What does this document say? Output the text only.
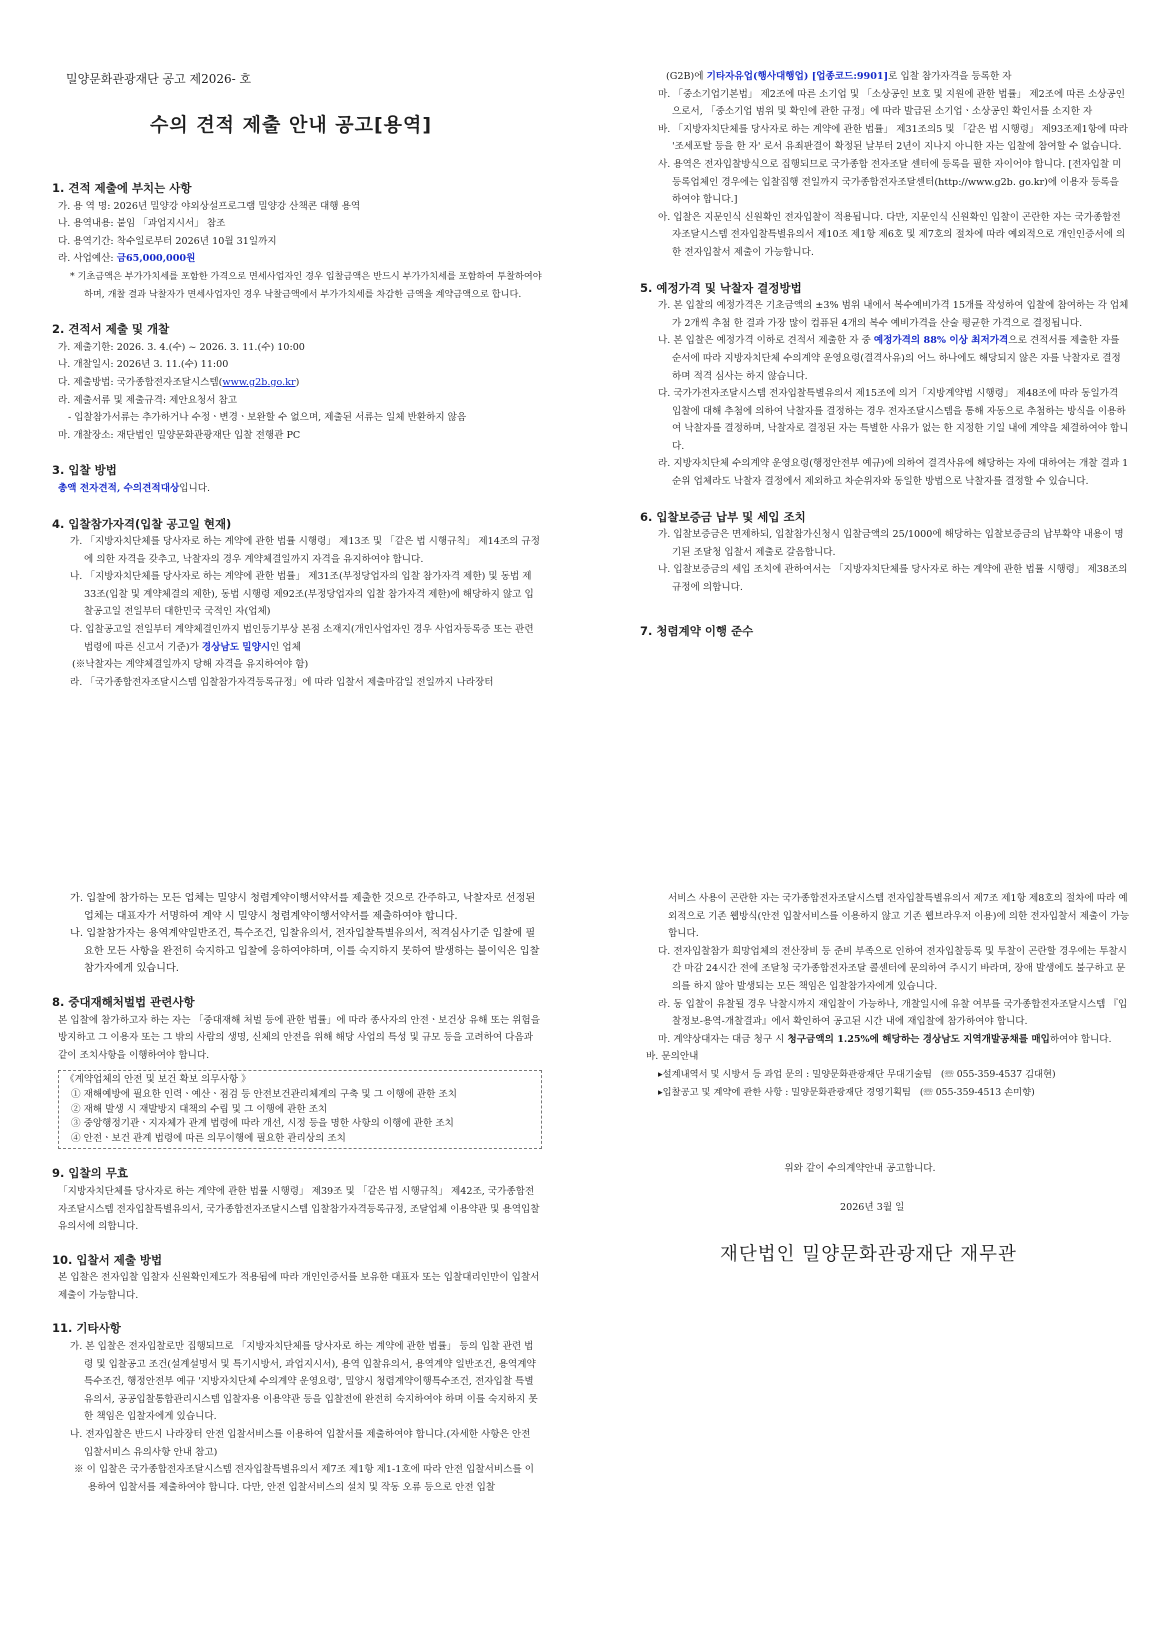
밀양문화관광재단 공고 제2026- 호
수의 견적 제출 안내 공고[용역]

1. 견적 제출에 부치는 사항

가. 용 역 명: 2026년 밀양강 야외상설프로그램 밀양강 산책콘 대행 용역

나. 용역내용: 붙임 「과업지시서」 참조

다. 용역기간: 착수일로부터 2026년 10월 31일까지

라. 사업예산: 금65,000,000원

* 기초금액은 부가가치세를 포함한 가격으로 면세사업자인 경우 입찰금액은 반드시 부가가치세를 포함하여 투찰하여야 하며, 개찰 결과 낙찰자가 면세사업자인 경우 낙찰금액에서 부가가치세를 차감한 금액을 계약금액으로 합니다.

2. 견적서 제출 및 개찰

가. 제출기한: 2026. 3. 4.(수) ~ 2026. 3. 11.(수) 10:00

나. 개찰일시: 2026년 3. 11.(수) 11:00

다. 제출방법: 국가종합전자조달시스템(www.g2b.go.kr)

라. 제출서류 및 제출규격: 제안요청서 참고

- 입찰참가서류는 추가하거나 수정ㆍ변경ㆍ보완할 수 없으며, 제출된 서류는 일체 반환하지 않음

마. 개찰장소: 재단법인 밀양문화관광재단 입찰 전행관 PC

3. 입찰 방법

총액 전자견적, 수의견적대상입니다.

4. 입찰참가자격(입찰 공고일 현재)

가. 「지방자치단체를 당사자로 하는 계약에 관한 법률 시행령」 제13조 및 「같은 법 시행규칙」 제14조의 규정에 의한 자격을 갖추고, 낙찰자의 경우 계약체결일까지 자격을 유지하여야 합니다.

나. 「지방자치단체를 당사자로 하는 계약에 관한 법률」 제31조(부정당업자의 입찰 참가자격 제한) 및 동법 제33조(입찰 및 계약체결의 제한), 동법 시행령 제92조(부정당업자의 입찰 참가자격 제한)에 해당하지 않고 입찰공고일 전일부터 대한민국 국적인 자(업체)

다. 입찰공고일 전일부터 계약체결인까지 법인등기부상 본점 소재지(개인사업자인 경우 사업자등록증 또는 관련 법령에 따른 신고서 기준)가 경상남도 밀양시인 업체

(※낙찰자는 계약체결일까지 당해 자격을 유지하여야 함)

라. 「국가종합전자조달시스템 입찰참가자격등록규정」에 따라 입찰서 제출마감일 전일까지 나라장터

(G2B)에 기타자유업(행사대행업) [업종코드:9901]로 입찰 참가자격을 등록한 자

마. 「중소기업기본법」 제2조에 따른 소기업 및 「소상공인 보호 및 지원에 관한 법률」 제2조에 따른 소상공인으로서, 「중소기업 범위 및 확인에 관한 규정」에 따라 발급된 소기업ㆍ소상공인 확인서를 소지한 자

바. 「지방자치단체를 당사자로 하는 계약에 관한 법률」 제31조의5 및 「같은 법 시행령」 제93조제1항에 따라 '조세포탈 등을 한 자' 로서 유죄판결이 확정된 날부터 2년이 지나지 아니한 자는 입찰에 참여할 수 없습니다.

사. 용역은 전자입찰방식으로 집행되므로 국가종합 전자조달 센터에 등록을 필한 자이어야 합니다. [전자입찰 미등록업체인 경우에는 입찰집행 전일까지 국가종합전자조달센터(http://www.g2b. go.kr)에 이용자 등록을 하여야 합니다.]

아. 입찰은 지문인식 신원확인 전자입찰이 적용됩니다. 다만, 지문인식 신원확인 입찰이 곤란한 자는 국가종합전자조달시스템 전자입찰특별유의서 제10조 제1항 제6호 및 제7호의 절차에 따라 예외적으로 개인인증서에 의한 전자입찰서 제출이 가능합니다.

5. 예정가격 및 낙찰자 결정방법

가. 본 입찰의 예정가격은 기초금액의 ±3% 범위 내에서 복수예비가격 15개를 작성하여 입찰에 참여하는 각 업체가 2개씩 추첨 한 결과 가장 많이 컴퓨된 4개의 복수 예비가격을 산술 평균한 가격으로 결정됩니다.

나. 본 입찰은 예정가격 이하로 견적서 제출한 자 중 예정가격의 88% 이상 최저가격으로 견적서를 제출한 자를 순서에 따라 지방자치단체 수의계약 운영요령(결격사유)의 어느 하나에도 해당되지 않은 자를 낙찰자로 결정하며 적격 심사는 하지 않습니다.

다. 국가가전자조달시스템 전자입찰특별유의서 제15조에 의거「지방계약법 시행령」 제48조에 따라 동일가격 입찰에 대해 추첨에 의하여 낙찰자를 결정하는 경우 전자조달시스템을 통해 자동으로 추첨하는 방식을 이용하여 낙찰자를 결정하며, 낙찰자로 결정된 자는 특별한 사유가 없는 한 지정한 기일 내에 계약을 체결하여야 합니다.

라. 지방자치단체 수의계약 운영요령(행정안전부 예규)에 의하여 결격사유에 해당하는 자에 대하여는 개찰 결과 1순위 업체라도 낙찰자 결정에서 제외하고 차순위자와 동일한 방법으로 낙찰자를 결정할 수 있습니다.

6. 입찰보증금 납부 및 세입 조치

가. 입찰보증금은 면제하되, 입찰참가신청시 입찰금액의 25/1000에 해당하는 입찰보증금의 납부확약 내용이 명기된 조달청 입찰서 제출로 갈음합니다.

나. 입찰보증금의 세입 조치에 관하여서는 「지방자치단체를 당사자로 하는 계약에 관한 법률 시행령」 제38조의 규정에 의합니다.

7. 청렴계약 이행 준수

가. 입찰에 참가하는 모든 업체는 밀양시 청렴계약이행서약서를 제출한 것으로 간주하고, 낙찰자로 선정된 업체는 대표자가 서명하여 계약 시 밀양시 청렴계약이행서약서를 제출하여야 합니다.

나. 입찰참가자는 용역계약일반조건, 특수조건, 입찰유의서, 전자입찰특별유의서, 적격심사기준 입찰에 필요한 모든 사항을 완전히 숙지하고 입찰에 응하여야하며, 이를 숙지하지 못하여 발생하는 불이익은 입찰참가자에게 있습니다.

8. 중대재해처벌법 관련사항

본 입찰에 참가하고자 하는 자는 「중대재해 처벌 등에 관한 법률」에 따라 종사자의 안전ㆍ보건상 유해 또는 위험을 방지하고 그 이용자 또는 그 밖의 사람의 생명, 신체의 안전을 위해 해당 사업의 특성 및 규모 등을 고려하여 다음과 같이 조치사항을 이행하여야 합니다.

《계약업체의 안전 및 보건 확보 의무사항 》

① 재해예방에 필요한 인력ㆍ예산ㆍ점검 등 안전보건관리체계의 구축 및 그 이행에 관한 조치

② 재해 발생 시 재발방지 대책의 수립 및 그 이행에 관한 조치

③ 중앙행정기관ㆍ지자체가 관계 법령에 따라 개선, 시정 등을 명한 사항의 이행에 관한 조치

④ 안전ㆍ보건 관계 법령에 따른 의무이행에 필요한 관리상의 조치

9. 입찰의 무효

「지방자치단체를 당사자로 하는 계약에 관한 법률 시행령」 제39조 및 「같은 법 시행규칙」 제42조, 국가종합전자조달시스템 전자입찰특별유의서, 국가종합전자조달시스템 입찰참가자격등록규정, 조달업체 이용약관 및 용역입찰유의서에 의합니다.

10. 입찰서 제출 방법

본 입찰은 전자입찰 입찰자 신원확인제도가 적용됨에 따라 개인인증서를 보유한 대표자 또는 입찰대리인만이 입찰서 제출이 가능합니다.

11. 기타사항

가. 본 입찰은 전자입찰로만 집행되므로 「지방자치단체를 당사자로 하는 계약에 관한 법률」 등의 입찰 관련 법령 및 입찰공고 조건(설계설명서 및 특기시방서, 과업지시서), 용역 입찰유의서, 용역계약 일반조건, 용역계약 특수조건, 행정안전부 예규 '지방자치단체 수의계약 운영요령', 밀양시 청렴계약이행특수조건, 전자입찰 특별유의서, 공공입찰통합관리시스템 입찰자용 이용약관 등을 입찰전에 완전히 숙지하여야 하며 이를 숙지하지 못한 책임은 입찰자에게 있습니다.

나. 전자입찰은 반드시 나라장터 안전 입찰서비스를 이용하여 입찰서를 제출하여야 합니다.(자세한 사항은 안전 입찰서비스 유의사항 안내 참고)

※ 이 입찰은 국가종합전자조달시스템 전자입찰특별유의서 제7조 제1항 제1-1호에 따라 안전 입찰서비스를 이용하여 입찰서를 제출하여야 합니다. 다만, 안전 입찰서비스의 설치 및 작동 오류 등으로 안전 입찰

서비스 사용이 곤란한 자는 국가종합전자조달시스템 전자입찰특별유의서 제7조 제1항 제8호의 절차에 따라 예외적으로 기존 웹방식(안전 입찰서비스를 이용하지 않고 기존 웹브라우저 이용)에 의한 전자입찰서 제출이 가능합니다.

다. 전자입찰참가 희망업체의 전산장비 등 준비 부족으로 인하여 전자입찰등록 및 투찰이 곤란할 경우에는 투찰시간 마감 24시간 전에 조달청 국가종합전자조달 콜센터에 문의하여 주시기 바라며, 장애 발생에도 불구하고 문의를 하지 않아 발생되는 모든 책임은 입찰참가자에게 있습니다.

라. 동 입찰이 유찰될 경우 낙찰시까지 재입찰이 가능하나, 개찰일시에 유찰 여부를 국가종합전자조달시스템 『입찰정보-용역-개찰결과』에서 확인하여 공고된 시간 내에 재입찰에 참가하여야 합니다.

마. 계약상대자는 대금 청구 시 청구금액의 1.25%에 해당하는 경상남도 지역개발공채를 매입하여야 합니다.

바. 문의안내

▸설계내역서 및 시방서 등 과업 문의 : 밀양문화관광재단 무대기술팀 (☏ 055-359-4537 김대현)

▸입찰공고 및 계약에 관한 사항 : 밀양문화관광재단 경영기획팀 (☏ 055-359-4513 손미향)

위와 같이 수의계약안내 공고합니다.
2026년 3월 일
재단법인 밀양문화관광재단 재무관
